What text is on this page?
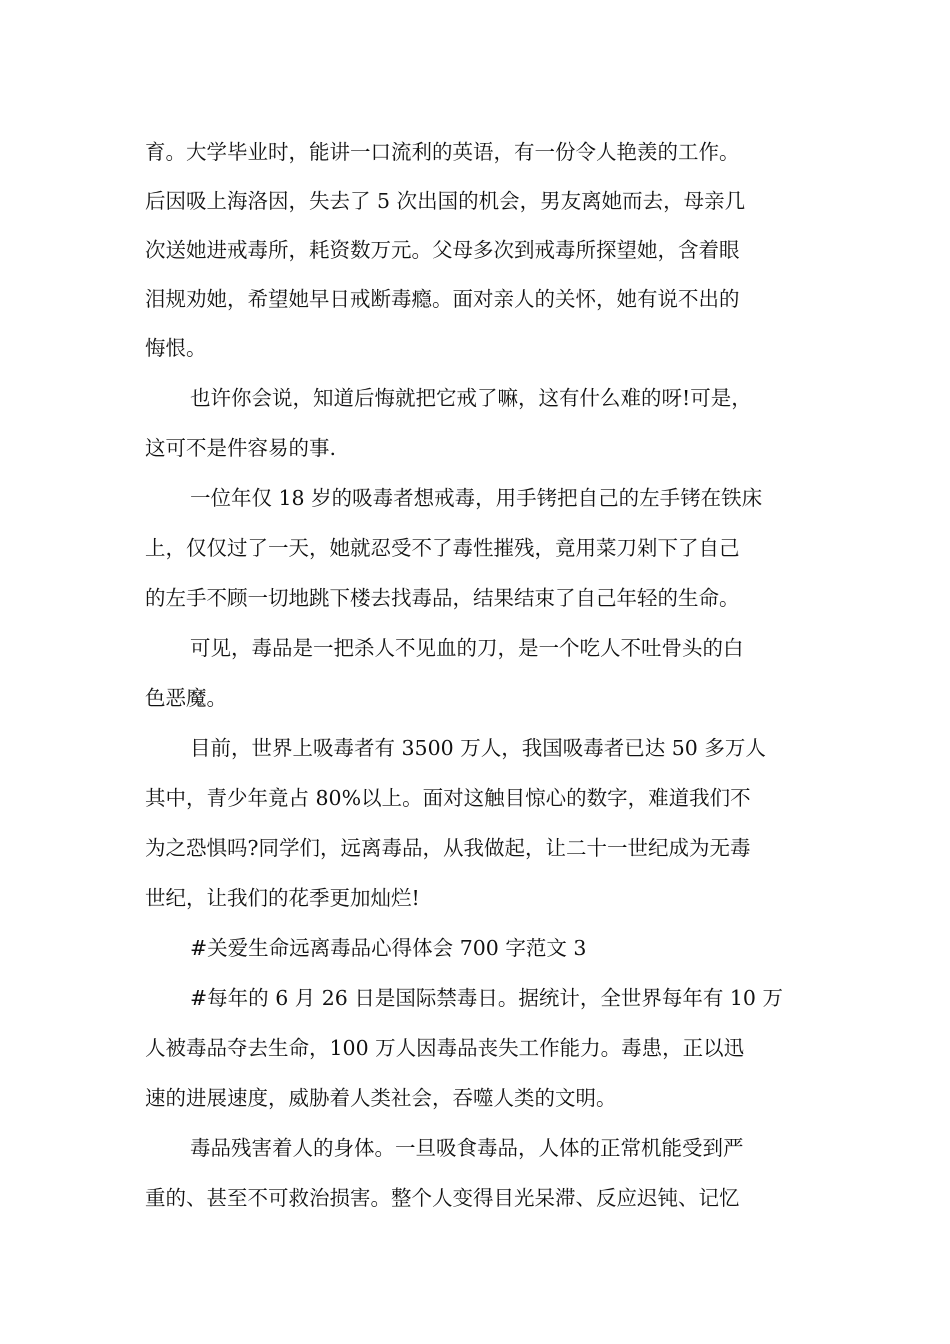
育。大学毕业时，能讲一口流利的英语，有一份令人艳羡的工作。
后因吸上海洛因，失去了 5 次出国的机会，男友离她而去，母亲几
次送她进戒毒所，耗资数万元。父母多次到戒毒所探望她，含着眼
泪规劝她，希望她早日戒断毒瘾。面对亲人的关怀，她有说不出的
悔恨。
也许你会说，知道后悔就把它戒了嘛，这有什么难的呀!可是，
这可不是件容易的事.
一位年仅 18 岁的吸毒者想戒毒，用手铐把自己的左手铐在铁床
上，仅仅过了一天，她就忍受不了毒性摧残，竟用菜刀剁下了自己
的左手不顾一切地跳下楼去找毒品，结果结束了自己年轻的生命。
可见，毒品是一把杀人不见血的刀，是一个吃人不吐骨头的白
色恶魔。
目前，世界上吸毒者有 3500 万人，我国吸毒者已达 50 多万人
其中，青少年竟占 80%以上。面对这触目惊心的数字，难道我们不
为之恐惧吗?同学们，远离毒品，从我做起，让二十一世纪成为无毒
世纪，让我们的花季更加灿烂!
#关爱生命远离毒品心得体会 700 字范文 3
#每年的 6 月 26 日是国际禁毒日。据统计，全世界每年有 10 万
人被毒品夺去生命，100 万人因毒品丧失工作能力。毒患，正以迅
速的进展速度，威胁着人类社会，吞噬人类的文明。
毒品残害着人的身体。一旦吸食毒品，人体的正常机能受到严
重的、甚至不可救治损害。整个人变得目光呆滞、反应迟钝、记忆
